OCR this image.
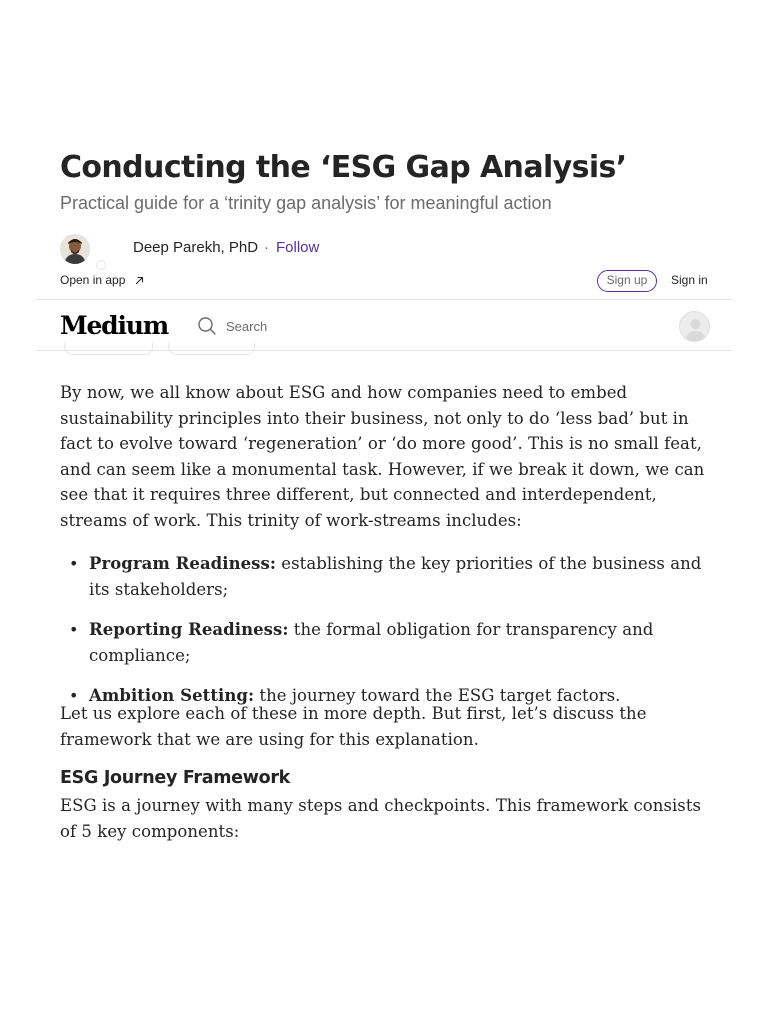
Conducting the ‘ESG Gap Analysis’
Practical guide for a ‘trinity gap analysis’ for meaningful action
Deep Parekh, PhD · Follow
Open in app	Sign up	Sign in
Medium
Search

By now, we all know about ESG and how companies need to embed sustainability principles into their business, not only to do ‘less bad’ but in fact to evolve toward ‘regeneration’ or ‘do more good’. This is no small feat, and can seem like a monumental task. However, if we break it down, we can see that it requires three different, but connected and interdependent, streams of work. This trinity of work-streams includes:

• Program Readiness: establishing the key priorities of the business and its stakeholders;
• Reporting Readiness: the formal obligation for transparency and compliance;
• Ambition Setting: the journey toward the ESG target factors.

Let us explore each of these in more depth. But first, let’s discuss the framework that we are using for this explanation.

ESG Journey Framework

ESG is a journey with many steps and checkpoints. This framework consists of 5 key components:
